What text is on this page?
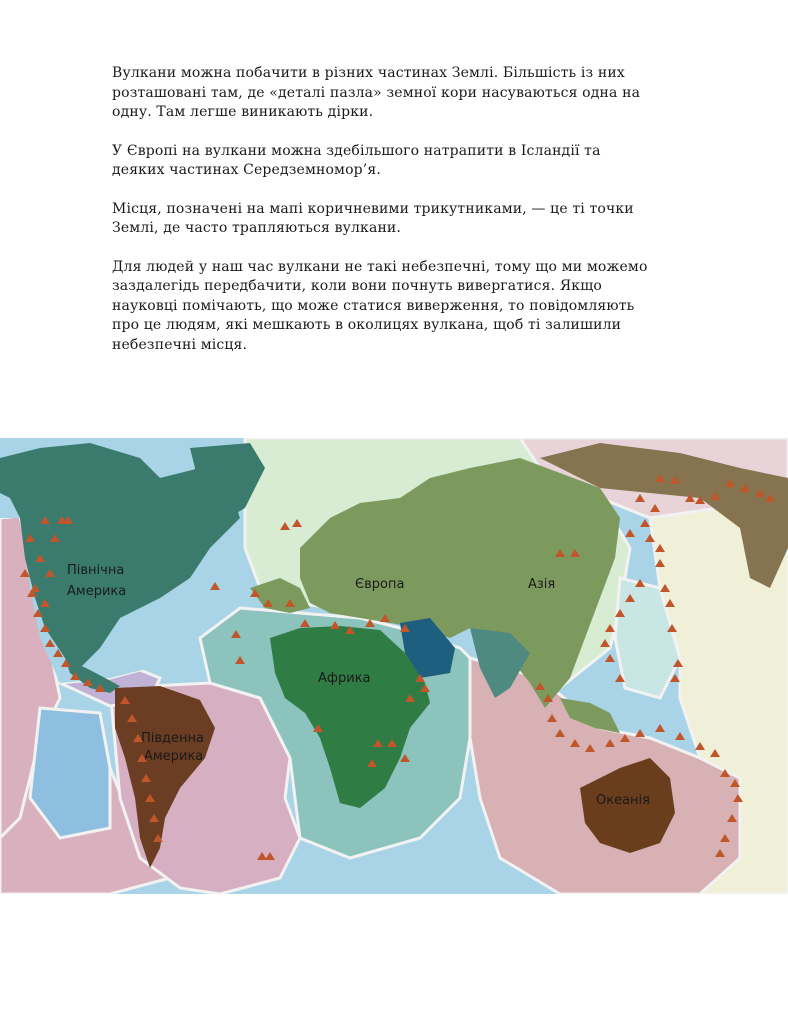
Вулкани можна побачити в різних частинах Землі. Більшість із них
розташовані там, де «деталі пазла» земної кори насуваються одна на
одну. Там легше виникають дірки.

У Європі на вулкани можна здебільшого натрапити в Ісландії та
деяких частинах Середземномор’я.

Місця, позначені на мапі коричневими трикутниками, — це ті точки
Землі, де часто трапляються вулкани.

Для людей у наш час вулкани не такі небезпечні, тому що ми можемо
заздалегідь передбачити, коли вони почнуть вивергатися. Якщо
науковці помічають, що може статися виверження, то повідомляють
про це людям, які мешкають в околицях вулкана, щоб ті залишили
небезпечні місця.

Північна
Америка
Південна
Америка
Європа	Азія
Африка
Океанія
